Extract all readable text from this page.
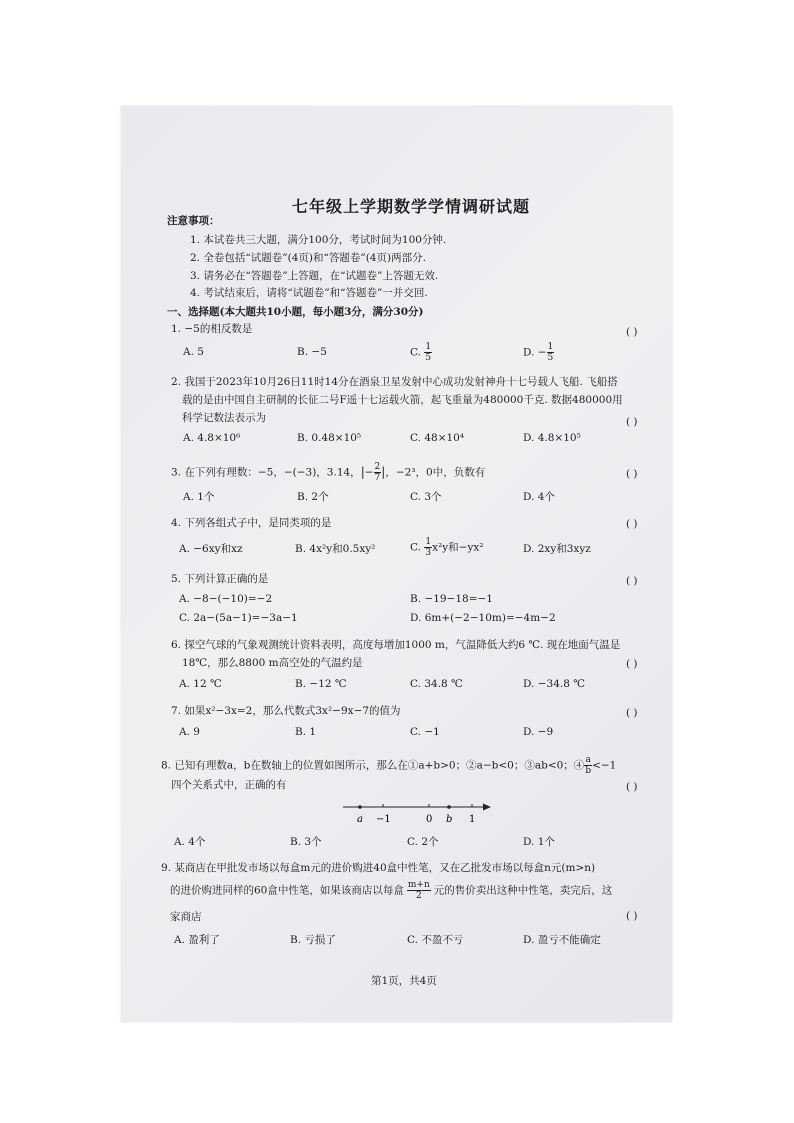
七年级上学期数学学情调研试题
注意事项：
1. 本试卷共三大题，满分100分，考试时间为100分钟.
2. 全卷包括“试题卷”(4页)和“答题卷”(4页)两部分.
3. 请务必在“答题卷”上答题，在“试题卷”上答题无效.
4. 考试结束后，请将“试题卷”和“答题卷”一并交回.
一、选择题(本大题共10小题，每小题3分，满分30分)
1. −5的相反数是	( )
A. 5	B. −5	C. $\frac{1}{5}$	D. − $\frac{1}{5}$
2. 我国于2023年10月26日11时14分在酒泉卫星发射中心成功发射神舟十七号载人飞船. 飞船搭
载的是由中国自主研制的长征二号F遥十七运载火箭，起飞重量为480000千克. 数据480000用
科学记数法表示为	( )
A. 4.8×10⁶	B. 0.48×10⁵	C. 48×10⁴	D. 4.8×10⁵
3. 在下列有理数：−5，−(−3)，3.14，|− $\frac{2}{7}$ |，−2³，0中，负数有	( )
A. 1个	B. 2个	C. 3个	D. 4个
4. 下列各组式子中，是同类项的是	( )
A. −6xy和xz	B. 4x²y和0.5xy²	C. $\frac{1}{3} x^2y$和−yx²	D. 2xy和3xyz
5. 下列计算正确的是	( )
A. −8−(−10)=−2	B. −19−18=−1
C. 2a−(5a−1)=−3a−1	D. 6m+(−2−10m)=−4m−2
6. 探空气球的气象观测统计资料表明，高度每增加1000 m，气温降低大约6 ℃. 现在地面气温是
18℃，那么8800 m高空处的气温约是	( )
A. 12 ℃	B. −12 ℃	C. 34.8 ℃	D. −34.8 ℃
7. 如果x²−3x=2，那么代数式3x²−9x−7的值为	( )
A. 9	B. 1	C. −1	D. −9
8. 已知有理数a，b在数轴上的位置如图所示，那么在①a+b>0；②a−b<0；③ab<0；④ $\frac{a}{b} <-1$
四个关系式中，正确的有	( )
a −1	0 b 1
A. 4个	B. 3个	C. 2个	D. 1个
9. 某商店在甲批发市场以每盒m元的进价购进40盒中性笔，又在乙批发市场以每盒n元(m>n)
的进价购进同样的60盒中性笔，如果该商店以每盒 $\frac{m+n}{2}$ 元的售价卖出这种中性笔，卖完后，这
家商店	( )
A. 盈利了	B. 亏损了	C. 不盈不亏	D. 盈亏不能确定
第1页，共4页
